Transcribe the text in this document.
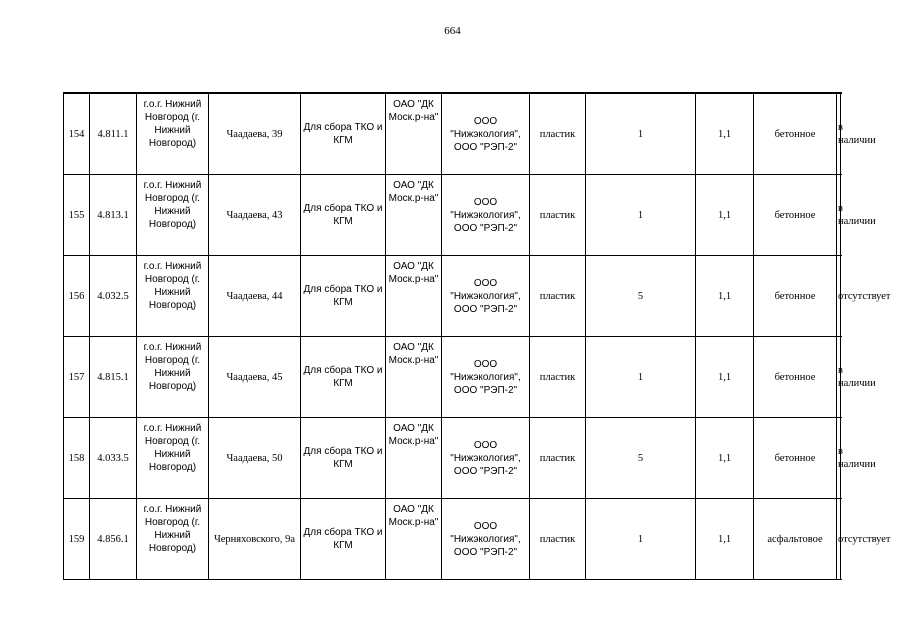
664
154	4.811.1	г.о.г. Нижний Новгород (г. Нижний Новгород)	Чаадаева, 39	Для сбора ТКО и КГМ	ОАО "ДК Моск.р-на"	ООО "Нижэкология", ООО "РЭП-2"	пластик	1	1,1	бетонное	в наличии
155	4.813.1	г.о.г. Нижний Новгород (г. Нижний Новгород)	Чаадаева, 43	Для сбора ТКО и КГМ	ОАО "ДК Моск.р-на"	ООО "Нижэкология", ООО "РЭП-2"	пластик	1	1,1	бетонное	в наличии
156	4.032.5	г.о.г. Нижний Новгород (г. Нижний Новгород)	Чаадаева, 44	Для сбора ТКО и КГМ	ОАО "ДК Моск.р-на"	ООО "Нижэкология", ООО "РЭП-2"	пластик	5	1,1	бетонное	отсутствует
157	4.815.1	г.о.г. Нижний Новгород (г. Нижний Новгород)	Чаадаева, 45	Для сбора ТКО и КГМ	ОАО "ДК Моск.р-на"	ООО "Нижэкология", ООО "РЭП-2"	пластик	1	1,1	бетонное	в наличии
158	4.033.5	г.о.г. Нижний Новгород (г. Нижний Новгород)	Чаадаева, 50	Для сбора ТКО и КГМ	ОАО "ДК Моск.р-на"	ООО "Нижэкология", ООО "РЭП-2"	пластик	5	1,1	бетонное	в наличии
159	4.856.1	г.о.г. Нижний Новгород (г. Нижний Новгород)	Черняховского, 9а	Для сбора ТКО и КГМ	ОАО "ДК Моск.р-на"	ООО "Нижэкология", ООО "РЭП-2"	пластик	1	1,1	асфальтовое	отсутствует
